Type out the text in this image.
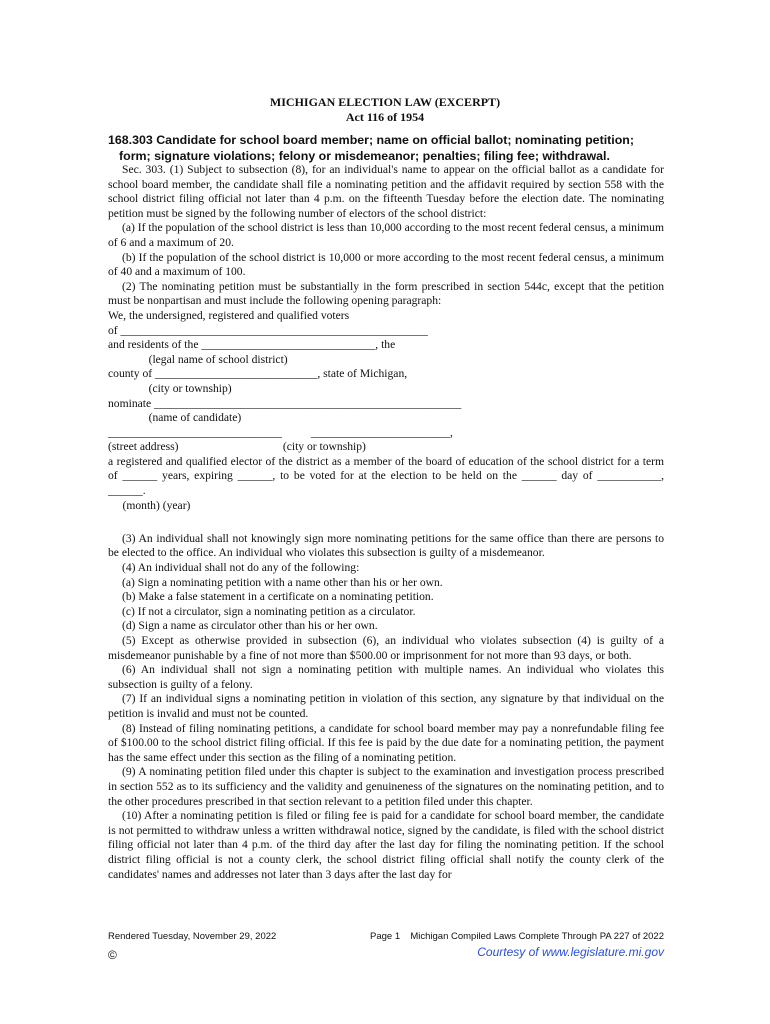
MICHIGAN ELECTION LAW (EXCERPT)
Act 116 of 1954
168.303 Candidate for school board member; name on official ballot; nominating petition;
form; signature violations; felony or misdemeanor; penalties; filing fee; withdrawal.

Sec. 303. (1) Subject to subsection (8), for an individual's name to appear on the official ballot as a candidate for school board member, the candidate shall file a nominating petition and the affidavit required by section 558 with the school district filing official not later than 4 p.m. on the fifteenth Tuesday before the election date. The nominating petition must be signed by the following number of electors of the school district:

(a) If the population of the school district is less than 10,000 according to the most recent federal census, a minimum of 6 and a maximum of 20.

(b) If the population of the school district is 10,000 or more according to the most recent federal census, a minimum of 40 and a maximum of 100.

(2) The nominating petition must be substantially in the form prescribed in section 544c, except that the petition must be nonpartisan and must include the following opening paragraph:

We, the undersigned, registered and qualified voters

of _____________________________________________________

and residents of the ______________________________, the

(legal name of school district)

county of ____________________________, state of Michigan,

(city or township)

nominate _____________________________________________________

(name of candidate)

______________________________          ________________________,

(street address)                                    (city or township)

a registered and qualified elector of the district as a member of the board of education of the school district for a term of ______ years, expiring ______, to be voted for at the election to be held on the ______ day of ___________, ______.

(month) (year)

(3) An individual shall not knowingly sign more nominating petitions for the same office than there are persons to be elected to the office. An individual who violates this subsection is guilty of a misdemeanor.

(4) An individual shall not do any of the following:

(a) Sign a nominating petition with a name other than his or her own.

(b) Make a false statement in a certificate on a nominating petition.

(c) If not a circulator, sign a nominating petition as a circulator.

(d) Sign a name as circulator other than his or her own.

(5) Except as otherwise provided in subsection (6), an individual who violates subsection (4) is guilty of a misdemeanor punishable by a fine of not more than $500.00 or imprisonment for not more than 93 days, or both.

(6) An individual shall not sign a nominating petition with multiple names. An individual who violates this subsection is guilty of a felony.

(7) If an individual signs a nominating petition in violation of this section, any signature by that individual on the petition is invalid and must not be counted.

(8) Instead of filing nominating petitions, a candidate for school board member may pay a nonrefundable filing fee of $100.00 to the school district filing official. If this fee is paid by the due date for a nominating petition, the payment has the same effect under this section as the filing of a nominating petition.

(9) A nominating petition filed under this chapter is subject to the examination and investigation process prescribed in section 552 as to its sufficiency and the validity and genuineness of the signatures on the nominating petition, and to the other procedures prescribed in that section relevant to a petition filed under this chapter.

(10) After a nominating petition is filed or filing fee is paid for a candidate for school board member, the candidate is not permitted to withdraw unless a written withdrawal notice, signed by the candidate, is filed with the school district filing official not later than 4 p.m. of the third day after the last day for filing the nominating petition. If the school district filing official is not a county clerk, the school district filing official shall notify the county clerk of the candidates' names and addresses not later than 3 days after the last day for

Rendered Tuesday, November 29, 2022	Page 1 Michigan Compiled Laws Complete Through PA 227 of 2022
©	Courtesy of www.legislature.mi.gov
